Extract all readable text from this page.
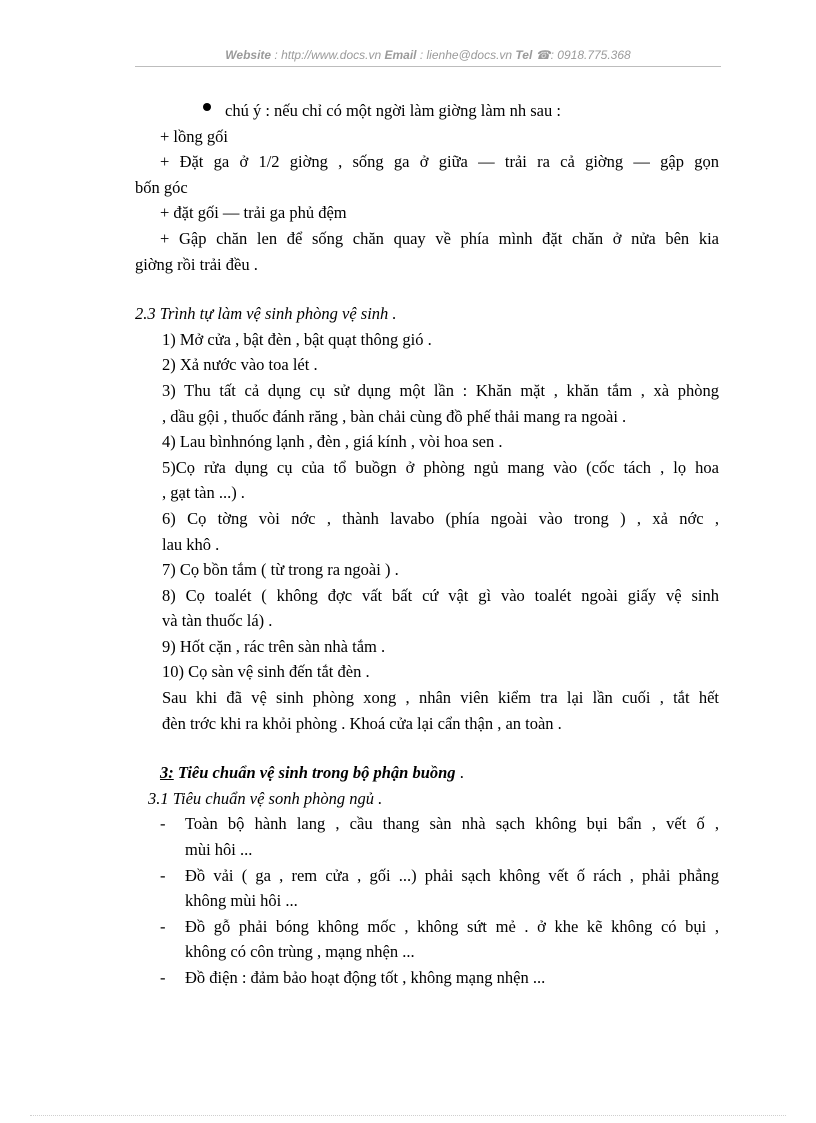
Website : http://www.docs.vn Email : lienhe@docs.vn Tel ☎: 0918.775.368
chú ý : nếu chỉ có một ngời làm giờng làm nh sau :
+ lồng gối
+ Đặt ga ở 1/2 giờng , sống ga ở giữa — trải ra cả giờng — gập gọn
bốn góc
+ đặt gối — trải ga phủ đệm
+ Gập chăn len để sống chăn quay về phía mình đặt chăn ở nửa bên kia
giờng rồi trải đều .
2.3 Trình tự làm vệ sinh phòng vệ sinh .
1) Mở cửa , bật đèn , bật quạt thông gió .
2) Xả nước vào toa lét .
3) Thu tất cả dụng cụ sử dụng một lần : Khăn mặt , khăn tắm , xà phòng
, dầu gội , thuốc đánh răng , bàn chải cùng đồ phế thải mang ra ngoài .
4) Lau bìnhnóng lạnh , đèn , giá kính , vòi hoa sen .
5)Cọ rửa dụng cụ của tổ buồgn ở phòng ngủ mang vào (cốc tách , lọ hoa
, gạt tàn ...) .
6) Cọ tờng vòi nớc , thành lavabo (phía ngoài vào trong ) , xả nớc ,
lau khô .
7) Cọ bồn tắm ( từ trong ra ngoài ) .
8) Cọ toalét ( không đợc vất bất cứ vật gì vào toalét ngoài giấy vệ sinh
và tàn thuốc lá) .
9) Hốt cặn , rác trên sàn nhà tắm .
10) Cọ sàn vệ sinh đến tắt đèn .
Sau khi đã vệ sinh phòng xong , nhân viên kiểm tra lại lần cuối , tắt hết
đèn trớc khi ra khỏi phòng . Khoá cửa lại cẩn thận , an toàn .
3: Tiêu chuẩn vệ sinh trong bộ phận buồng .
3.1 Tiêu chuẩn vệ sonh phòng ngủ .
- Toàn bộ hành lang , cầu thang sàn nhà sạch không bụi bẩn , vết ố ,
mùi hôi ...
- Đồ vải ( ga , rem cửa , gối ...) phải sạch không vết ố rách , phải phẳng
không mùi hôi ...
- Đồ gỗ phải bóng không mốc , không sứt mẻ . ở khe kẽ không có bụi ,
không có côn trùng , mạng nhện ...
- Đồ điện : đảm bảo hoạt động tốt , không mạng nhện ...
